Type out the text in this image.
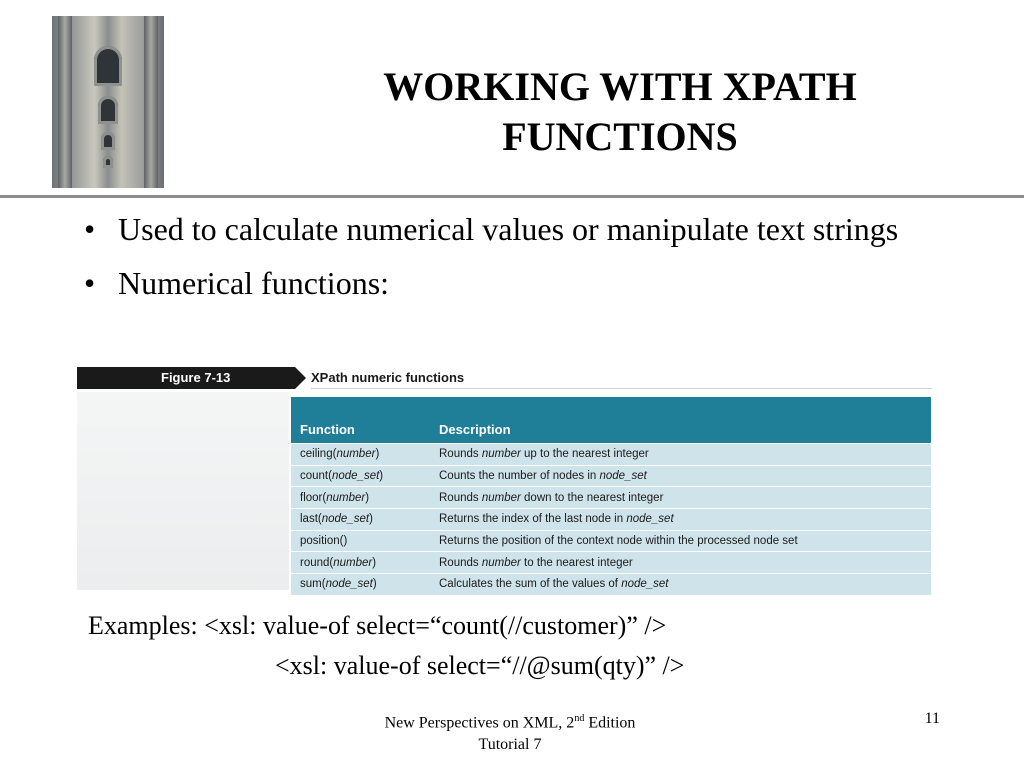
WORKING WITH XPATH
FUNCTIONS
• Used to calculate numerical values or manipulate text strings
• Numerical functions:
Figure 7-13	XPath numeric functions
Function	Description
ceiling(number)	Rounds number up to the nearest integer
count(node_set)	Counts the number of nodes in node_set
floor(number)	Rounds number down to the nearest integer
last(node_set)	Returns the index of the last node in node_set
position()	Returns the position of the context node within the processed node set
round(number)	Rounds number to the nearest integer
sum(node_set)	Calculates the sum of the values of node_set
Examples: <xsl: value-of select=“count(//customer)” />

<xsl: value-of select=“//@sum(qty)” />
New Perspectives on XML, 2nd Edition
Tutorial 7
11
